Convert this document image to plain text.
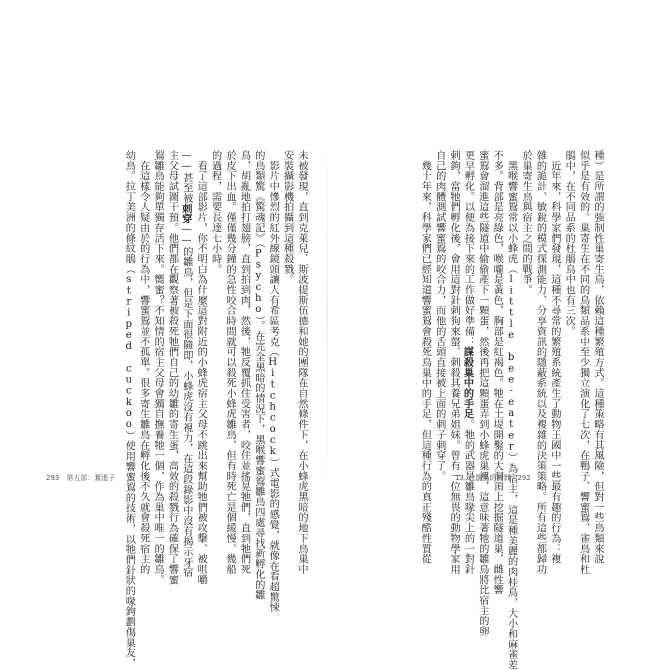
種）是所謂的強制性巢寄生鳥，依賴這種繁殖方式。這種策略有其風險，但對一些鳥類來說
似乎是有效的。巢寄生在不同的鳥類品系中至少獨立演化了七次，在鴨子、響蜜鴷、雀鳥和杜
鵑中，在不同品系的杜鵑鳥中也有三次。
　近年來，科學家們發現，這種不尋常的繁殖系統產生了動物王國中一些最有趣的行為：複
雜的詭計、敏銳的模式探測能力、分享資訊的隱蔽系統以及複雜的決策策略。所有這些都歸功
於巢寄生鳥與宿主之間的戰爭。
　黑喉響蜜鴷常以小蜂虎（little bee-eater）為宿主，這是種美麗的肉桂鳥，大小和麻雀差
不多。背部是亮綠色，喉嚨是黃色，胸部是紅褐色。牠在土堤開鑿的大洞頂上挖掘隧道巢，雌性響
蜜鴷會溜進這些隧道中偷偷產下一顆蛋，然後再把這顆蛋弄到小蜂虎巢裡，這意味著牠的雛鳥將比宿主的卵
更早孵化。以便為接下來的工作做好準備：謀殺巢中的手足。牠的武器是雛鳥喙尖上的一對針
剌鉤，當牠們孵化後，會用這對針刺狗來螫、刺殺其養兄弟姐妹。曾有一位無畏的動物學家用
自己的肉體測試響蜜鴷的咬合力，而他的舌頭直接被上面的刺子刺穿了。
　幾十年來，科學家們已經知道響蜜鴷會殺死鳥巢中的手足，但這種行為的真正殘酷性質從
未被發現，直到克萊兒．斯波提斯伍德和她的團隊在自然條件下，在小蜂虎黑暗的地下鳥巢中
安裝攝影機拍攝到這種殺戮。
　影片中慘烈的紅外線鏡頭讓人有希區考克（Hitchcock）式電影的感覺，就像在看超驚悚
的鳥類驚《驚魂記》（Psycho）。在完全黑暗的情況下，黑喉響蜜鴷雛鳥四處尋找新孵化的雛
鳥，胡亂地拍打翅膀，直到拍到肉，然後，牠反覆抓住受害者，咬住並搖晃牠們，直到牠們死
於皮下出血。僅僅幾分鐘的急性咬合時間就可以殺死小蜂虎雛鳥，但有時死亡是個緩慢、幾船
的過程，需要長達七小時。
　看了這部影片，你不明白為什麼這對附近的小蜂虎宿主父母不跳出來幫助牠們被攻擊、被咀嚼
——甚至被刺穿——的雛鳥，但是下面很隨即，小蜂虎沒有視力，在這段錄影中沒有揭示牙宿
主父母試圖干預。他們都在觀察著被殺死牠們自己的幼雛的寄生蛋，高效的殺戮行為確保了響蜜
鴷雛鳥能夠單獨存活下來。嚮蜜？不知情的宿主父母會獨自撫養牠一個，作為巢中唯一的雛鳥。
　在這樣令人疑由於的行為中，響蜜鴷並不孤單。很多寄生雛鳥在孵化後不久就會殺死宿主的
幼鳥。拉丁美洲的條紋鵑（striped cuckoo）使用響蜜鴷的技術，以牠們針狀的喙鉤劃傷巢友，
293　第五部：奮進子	13. 杜鵑鳥的殺戮　292
